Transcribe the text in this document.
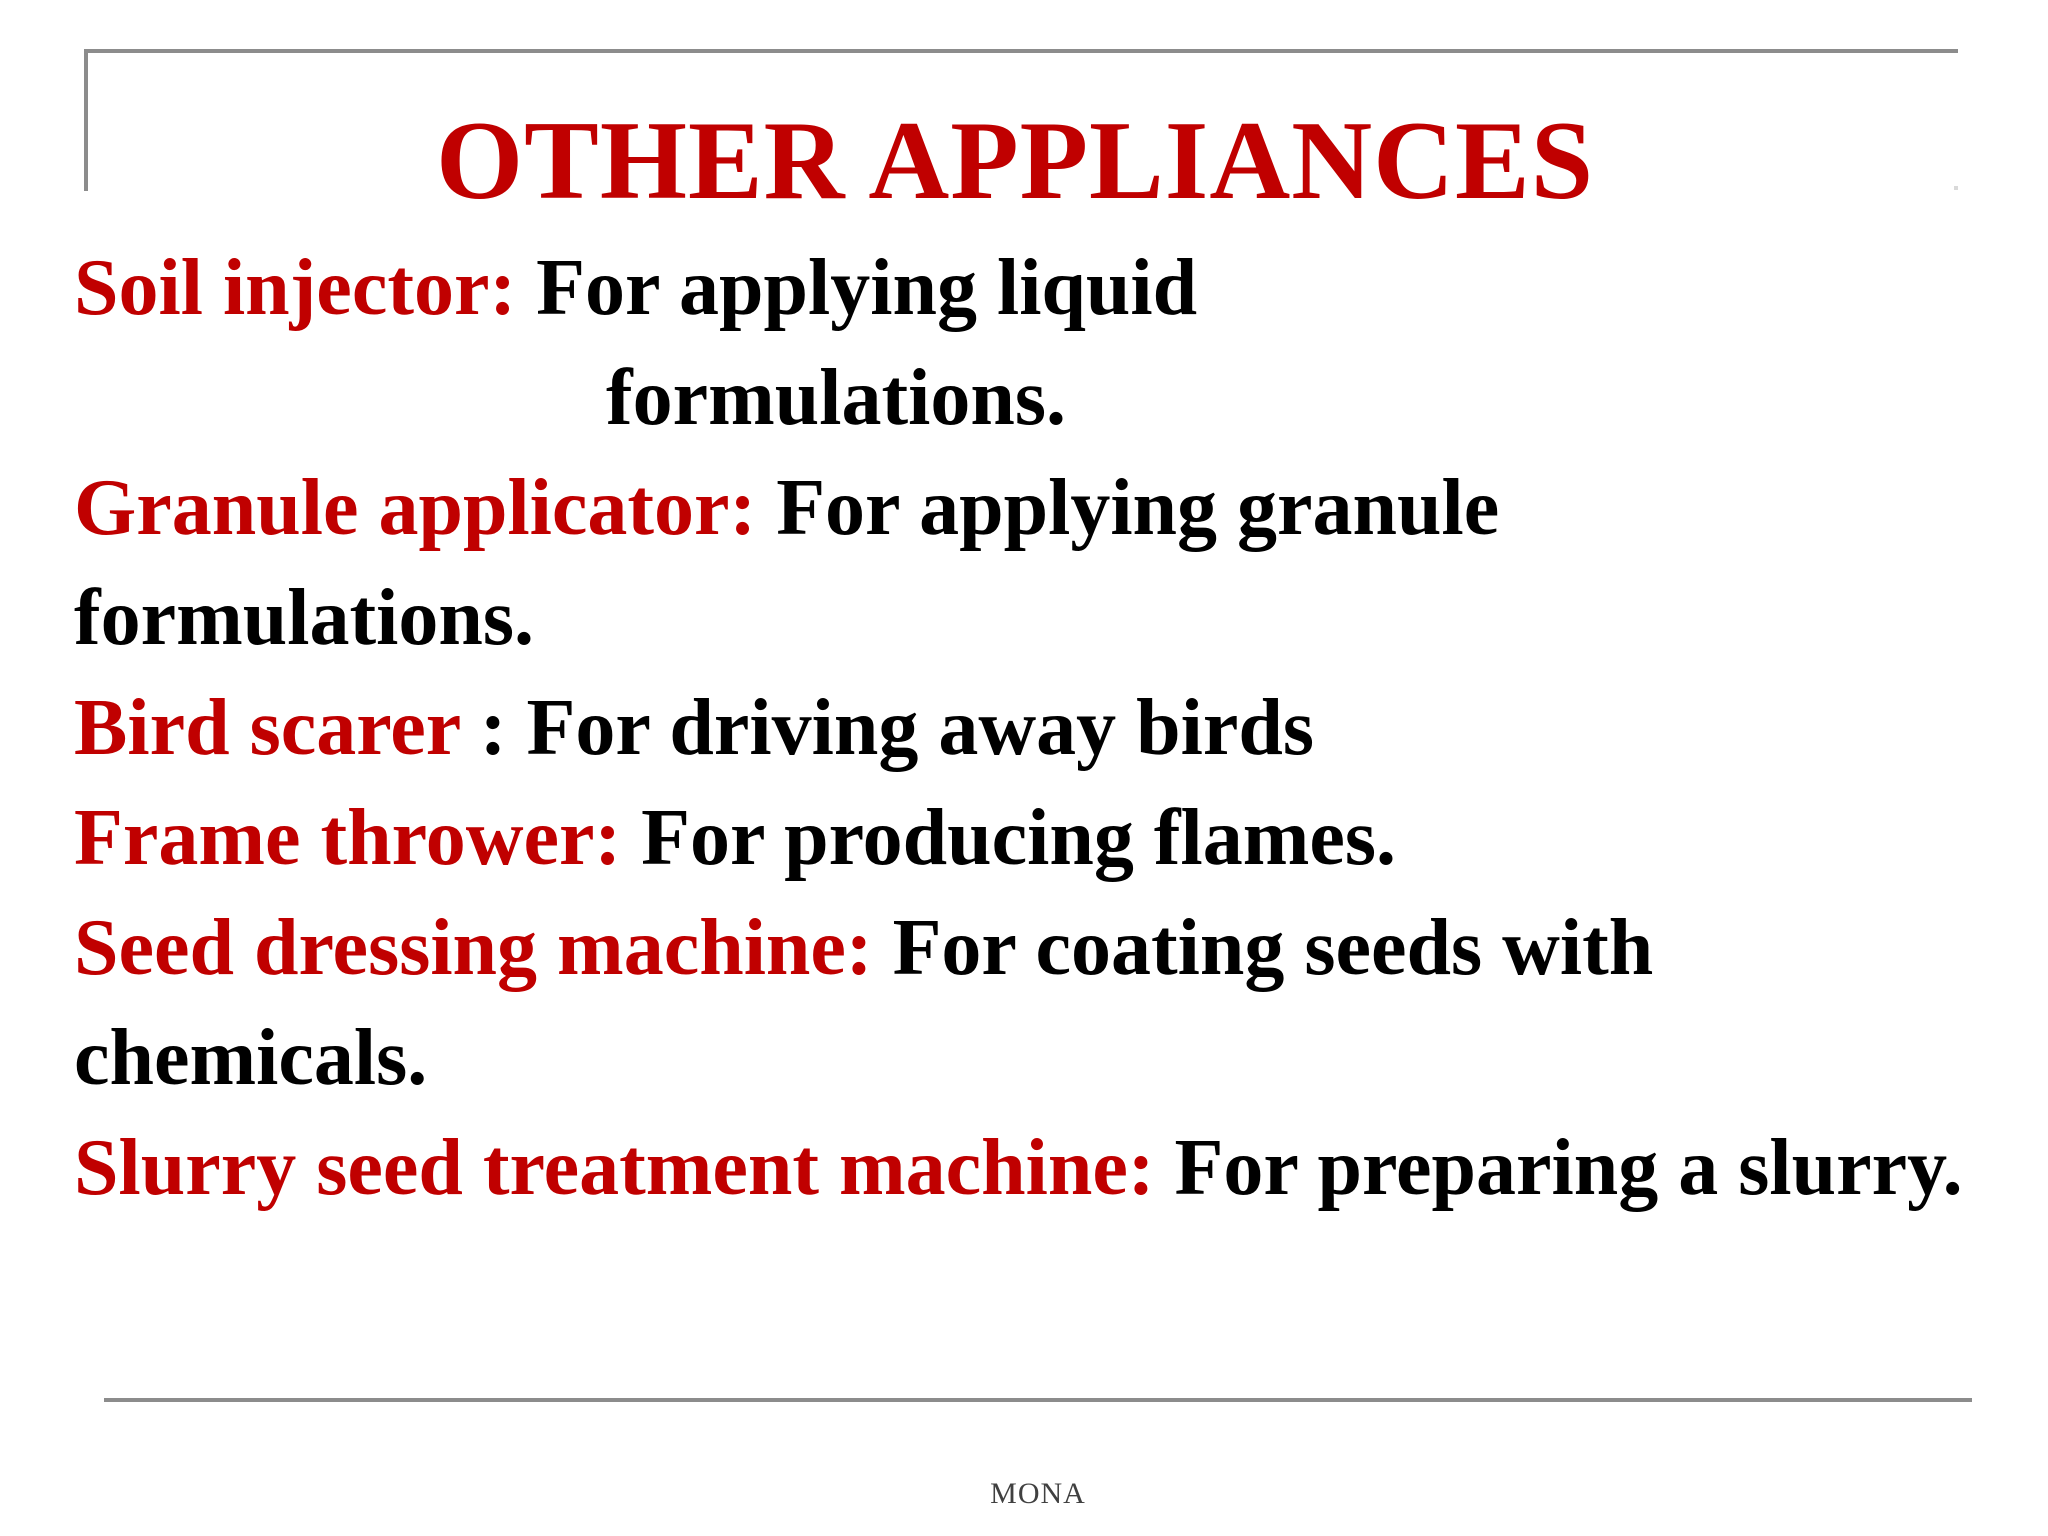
OTHER APPLIANCES
Soil injector: For applying liquid
formulations.
Granule applicator: For applying granule formulations.
Bird scarer : For driving away birds
Frame thrower: For producing flames.
Seed dressing machine: For coating seeds with chemicals.
Slurry seed treatment machine: For preparing a slurry.
MONA
